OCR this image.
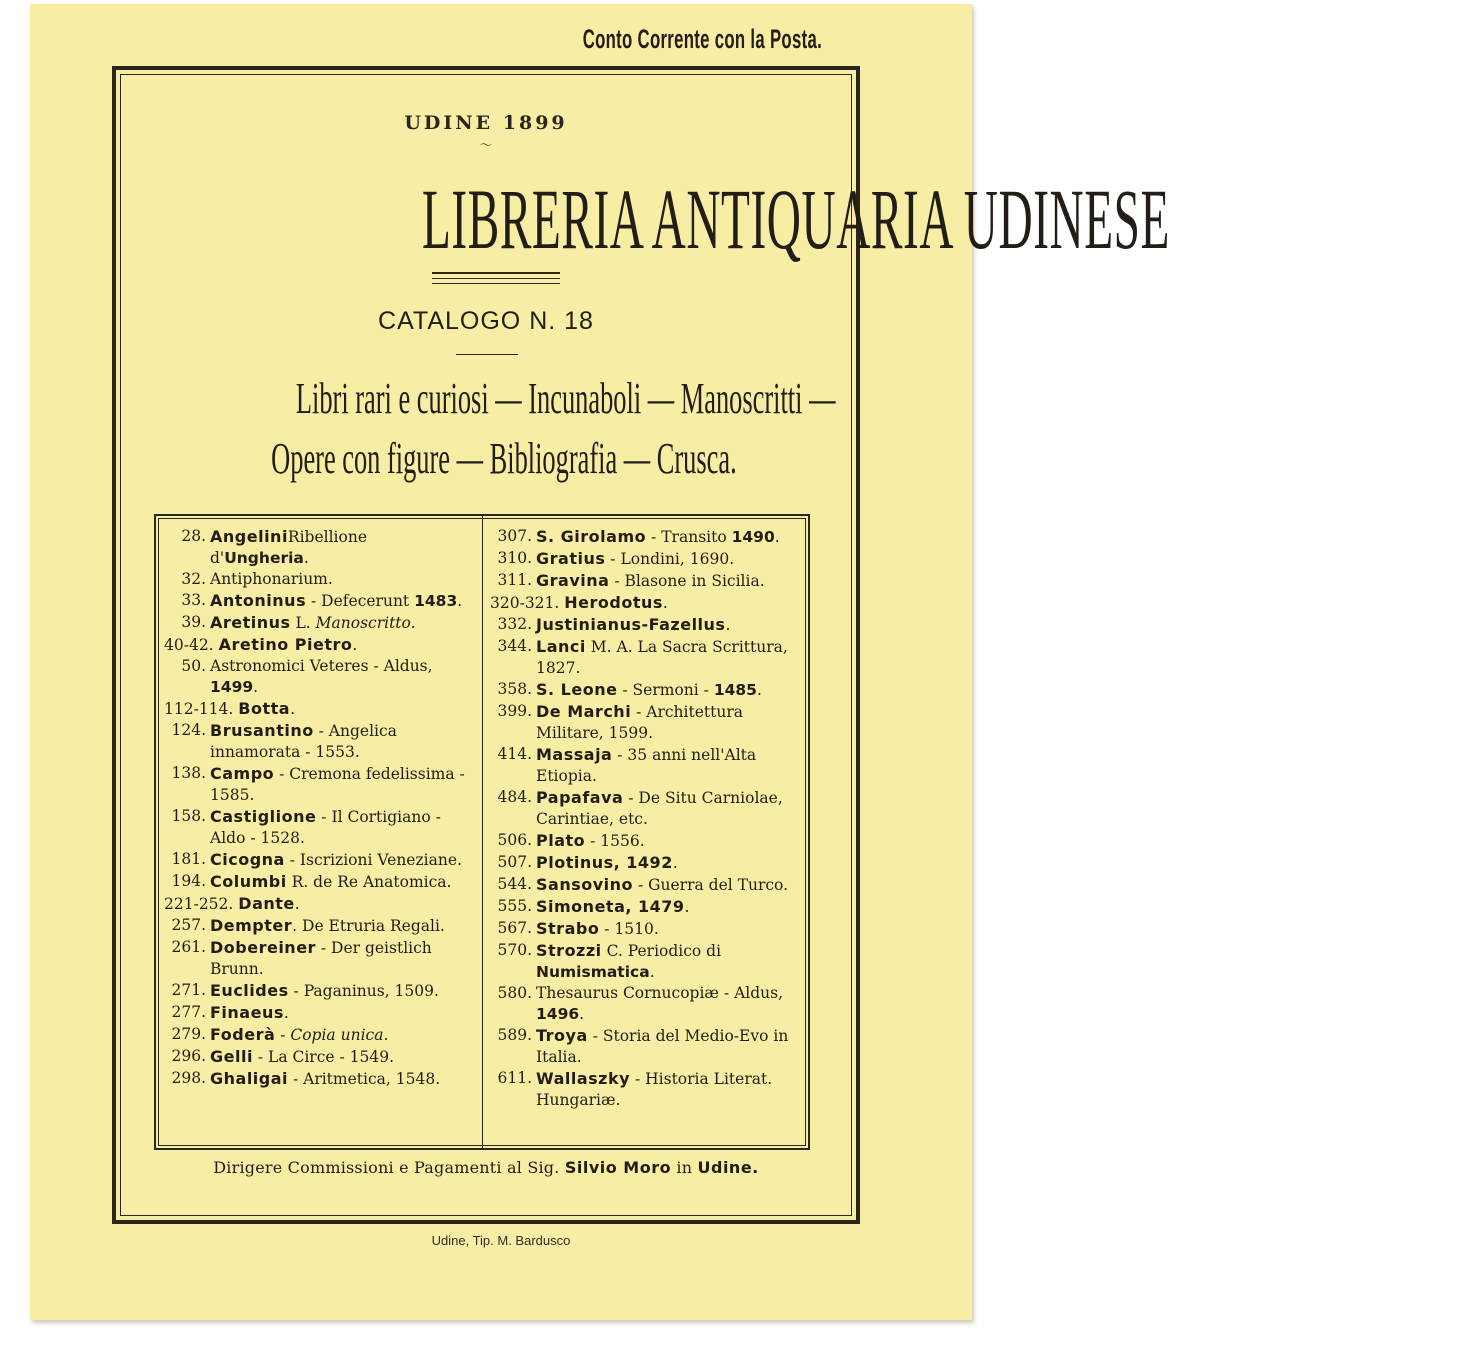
Conto Corrente con la Posta.
UDINE 1899
〜
LIBRERIA ANTIQUARIA UDINESE
CATALOGO N. 18
Libri rari e curiosi — Incunaboli — Manoscritti —
Opere con figure — Bibliografia — Crusca.

28. AngeliniRibellione d'Ungheria.

32. Antiphonarium.

33. Antoninus - Defecerunt 1483.

39. Aretinus L. Manoscritto.

40-42. Aretino Pietro.

50. Astronomici Veteres - Aldus, 1499.

112-114. Botta.

124. Brusantino - Angelica innamorata - 1553.

138. Campo - Cremona fedelissima - 1585.

158. Castiglione - Il Cortigiano - Aldo - 1528.

181. Cicogna - Iscrizioni Veneziane.

194. Columbi R. de Re Anatomica.

221-252. Dante.

257. Dempter. De Etruria Regali.

261. Dobereiner - Der geistlich Brunn.

271. Euclides - Paganinus, 1509.

277. Finaeus.

279. Foderà - Copia unica.

296. Gelli - La Circe - 1549.

298. Ghaligai - Aritmetica, 1548.

307. S. Girolamo - Transito 1490.

310. Gratius - Londini, 1690.

311. Gravina - Blasone in Sicilia.

320-321. Herodotus.

332. Justinianus-Fazellus.

344. Lanci M. A. La Sacra Scrittura, 1827.

358. S. Leone - Sermoni - 1485.

399. De Marchi - Architettura Militare, 1599.

414. Massaja - 35 anni nell'Alta Etiopia.

484. Papafava - De Situ Carniolae, Carintiae, etc.

506. Plato - 1556.

507. Plotinus, 1492.

544. Sansovino - Guerra del Turco.

555. Simoneta, 1479.

567. Strabo - 1510.

570. Strozzi C. Periodico di Numismatica.

580. Thesaurus Cornucopiæ - Aldus, 1496.

589. Troya - Storia del Medio-Evo in Italia.

611. Wallaszky - Historia Literat. Hungariæ.

Dirigere Commissioni e Pagamenti al Sig. Silvio Moro in Udine.
Udine, Tip. M. Bardusco
